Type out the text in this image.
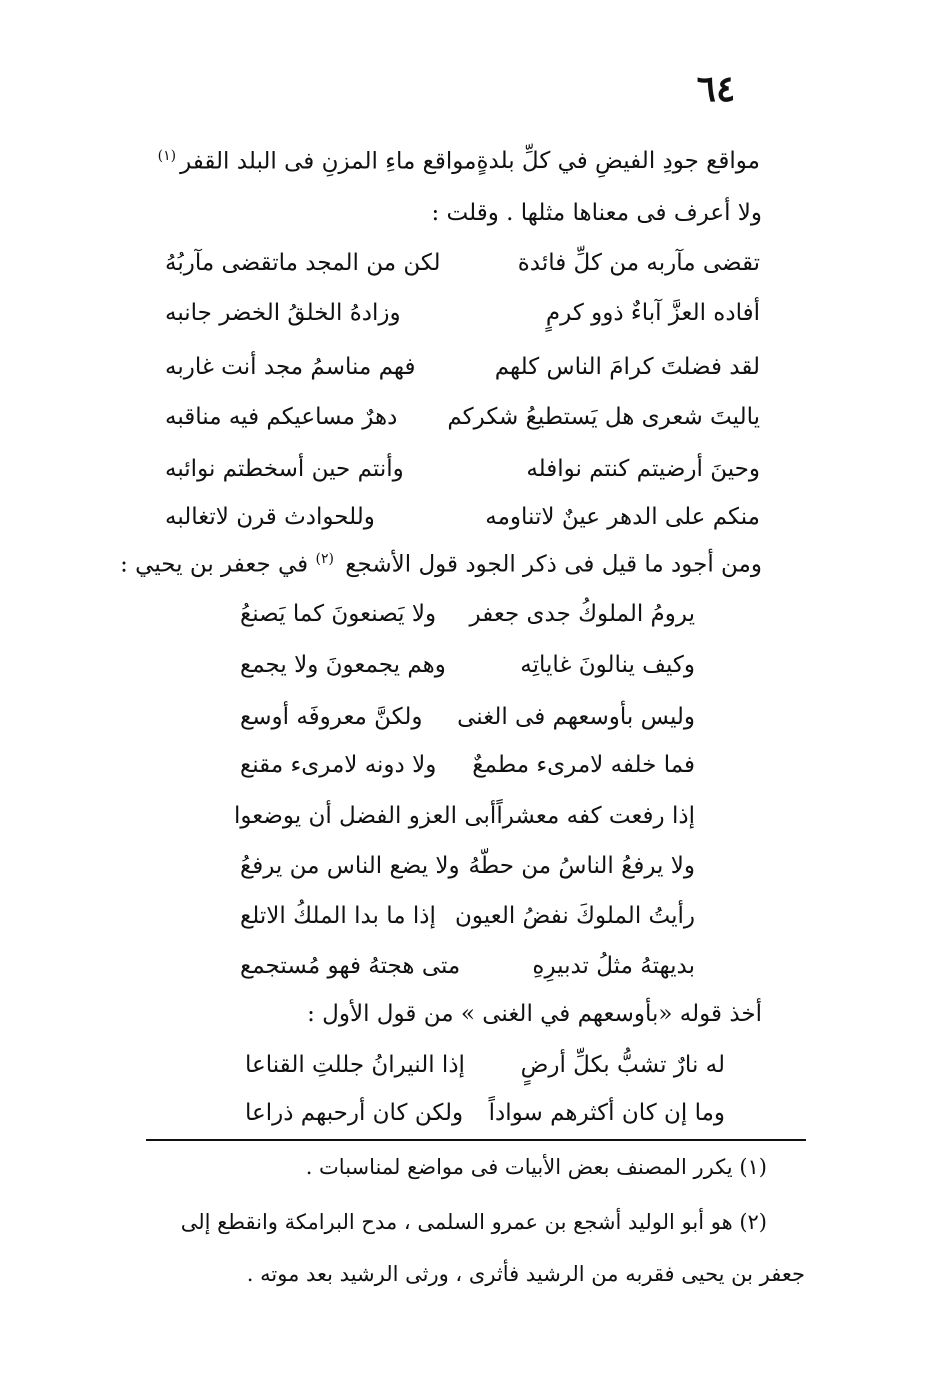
٦٤
مواقع جودِ الفيضِ في كلِّ بلدةٍ
مواقع ماءِ المزنِ فى البلد القفر$^{(١)}$
ولا أعرف فى معناها مثلها . وقلت :
تقضى مآربه من كلِّ فائدة
لكن من المجد ماتقضى مآربُهُ
أفاده العزَّ آباءٌ ذوو كرمٍ
وزادهُ الخلقُ الخضر جانبه
لقد فضلتَ كرامَ الناس كلهم
فهم مناسمُ مجد أنت غاربه
ياليتَ شعرى هل يَستطيعُ شكركم
دهرٌ مساعيكم فيه مناقبه
وحينَ أرضيتم كنتم نوافله
وأنتم حين أسخطتم نوائبه
منكم على الدهر عينٌ لاتناومه
وللحوادث قرن لاتغالبه
ومن أجود ما قيل فى ذكر الجود قول الأشجع $^{(٢)}$ في جعفر بن يحيي :
يرومُ الملوكُ جدى جعفر
ولا يَصنعونَ كما يَصنعُ
وكيف ينالونَ غاياتِه
وهم يجمعونَ ولا يجمع
وليس بأوسعهم فى الغنى
ولكنَّ معروفَه أوسع
فما خلفه لامرىء مطمعٌ
ولا دونه لامرىء مقنع
إذا رفعت كفه معشراً
أبى العزو الفضل أن يوضعوا
ولا يرفعُ الناسُ من حطّهُ
ولا يضع الناس من يرفعُ
رأيتُ الملوكَ نفضُ العيون
إذا ما بدا الملكُ الاتلع
بديهتهُ مثلُ تدبيرِهِ
متى هجتهُ فهو مُستجمع
أخذ قوله «بأوسعهم في الغنى » من قول الأول :
له نارٌ تشبُّ بكلِّ أرضٍ
إذا النيرانُ جللتِ القناعا
وما إن كان أكثرهم سواداً
ولكن كان أرحبهم ذراعا
(١) يكرر المصنف بعض الأبيات فى مواضع لمناسبات .
(٢) هو أبو الوليد أشجع بن عمرو السلمى ، مدح البرامكة وانقطع إلى
جعفر بن يحيى فقربه من الرشيد فأثرى ، ورثى الرشيد بعد موته .
